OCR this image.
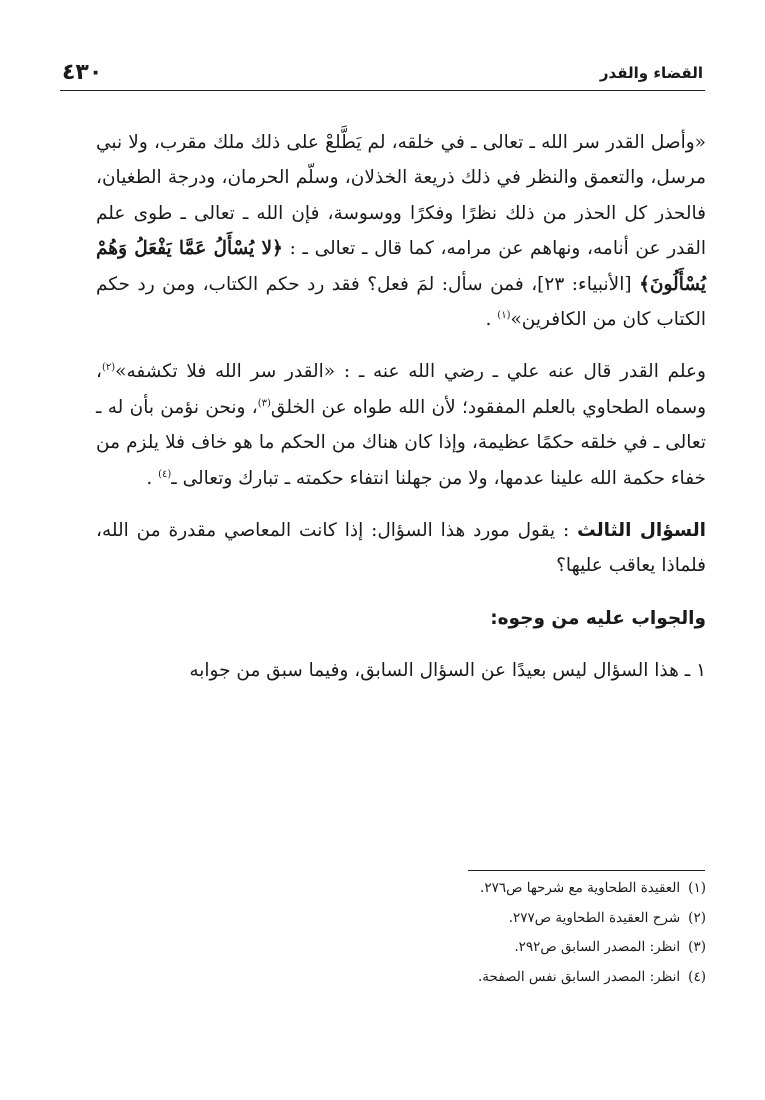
٤٣٠	القضاء والقدر

«وأصل القدر سر الله ـ تعالى ـ في خلقه، لم يَطَّلعْ على ذلك ملك مقرب، ولا نبي مرسل، والتعمق والنظر في ذلك ذريعة الخذلان، وسلّم الحرمان، ودرجة الطغيان، فالحذر كل الحذر من ذلك نظرًا وفكرًا ووسوسة، فإن الله ـ تعالى ـ طوى علم القدر عن أنامه، ونهاهم عن مرامه، كما قال ـ تعالى ـ : ﴿لا يُسْأَلُ عَمَّا يَفْعَلُ وَهُمْ يُسْأَلُونَ﴾ [الأنبياء: ٢٣]، فمن سأل: لمَ فعل؟ فقد رد حكم الكتاب، ومن رد حكم الكتاب كان من الكافرين»$^{(١)}$ .

وعلم القدر قال عنه علي ـ رضي الله عنه ـ : «القدر سر الله فلا تكشفه»$^{(٢)}$، وسماه الطحاوي بالعلم المفقود؛ لأن الله طواه عن الخلق$^{(٣)}$، ونحن نؤمن بأن له ـ تعالى ـ في خلقه حكمًا عظيمة، وإذا كان هناك من الحكم ما هو خاف فلا يلزم من خفاء حكمة الله علينا عدمها، ولا من جهلنا انتفاء حكمته ـ تبارك وتعالى ـ$^{(٤)}$ .

السؤال الثالث : يقول مورد هذا السؤال: إذا كانت المعاصي مقدرة من الله، فلماذا يعاقب عليها؟

والجواب عليه من وجوه:

١ ـ هذا السؤال ليس بعيدًا عن السؤال السابق، وفيما سبق من جوابه

(١)العقيدة الطحاوية مع شرحها ص٢٧٦.

(٢)شرح العقيدة الطحاوية ص٢٧٧.

(٣)انظر: المصدر السابق ص٢٩٢.

(٤)انظر: المصدر السابق نفس الصفحة.
